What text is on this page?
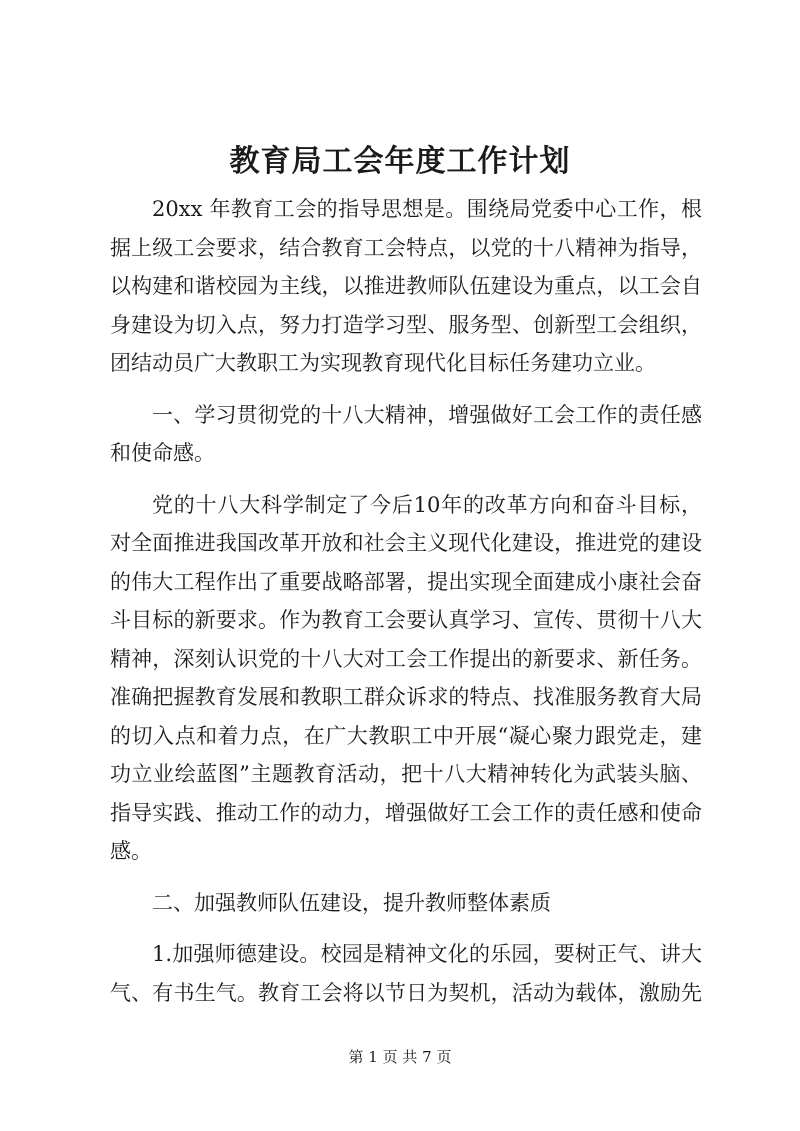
教育局工会年度工作计划
20xx 年教育工会的指导思想是。围绕局党委中心工作，根
据上级工会要求，结合教育工会特点，以党的十八精神为指导，
以构建和谐校园为主线，以推进教师队伍建设为重点，以工会自
身建设为切入点，努力打造学习型、服务型、创新型工会组织，
团结动员广大教职工为实现教育现代化目标任务建功立业。
一、学习贯彻党的十八大精神，增强做好工会工作的责任感
和使命感。
党的十八大科学制定了今后10年的改革方向和奋斗目标，
对全面推进我国改革开放和社会主义现代化建设，推进党的建设
的伟大工程作出了重要战略部署，提出实现全面建成小康社会奋
斗目标的新要求。作为教育工会要认真学习、宣传、贯彻十八大
精神，深刻认识党的十八大对工会工作提出的新要求、新任务。
准确把握教育发展和教职工群众诉求的特点、找准服务教育大局
的切入点和着力点，在广大教职工中开展“凝心聚力跟党走，建
功立业绘蓝图”主题教育活动，把十八大精神转化为武装头脑、
指导实践、推动工作的动力，增强做好工会工作的责任感和使命
感。
二、加强教师队伍建设，提升教师整体素质
1.加强师德建设。校园是精神文化的乐园，要树正气、讲大
气、有书生气。教育工会将以节日为契机，活动为载体，激励先
第 1 页 共 7 页
